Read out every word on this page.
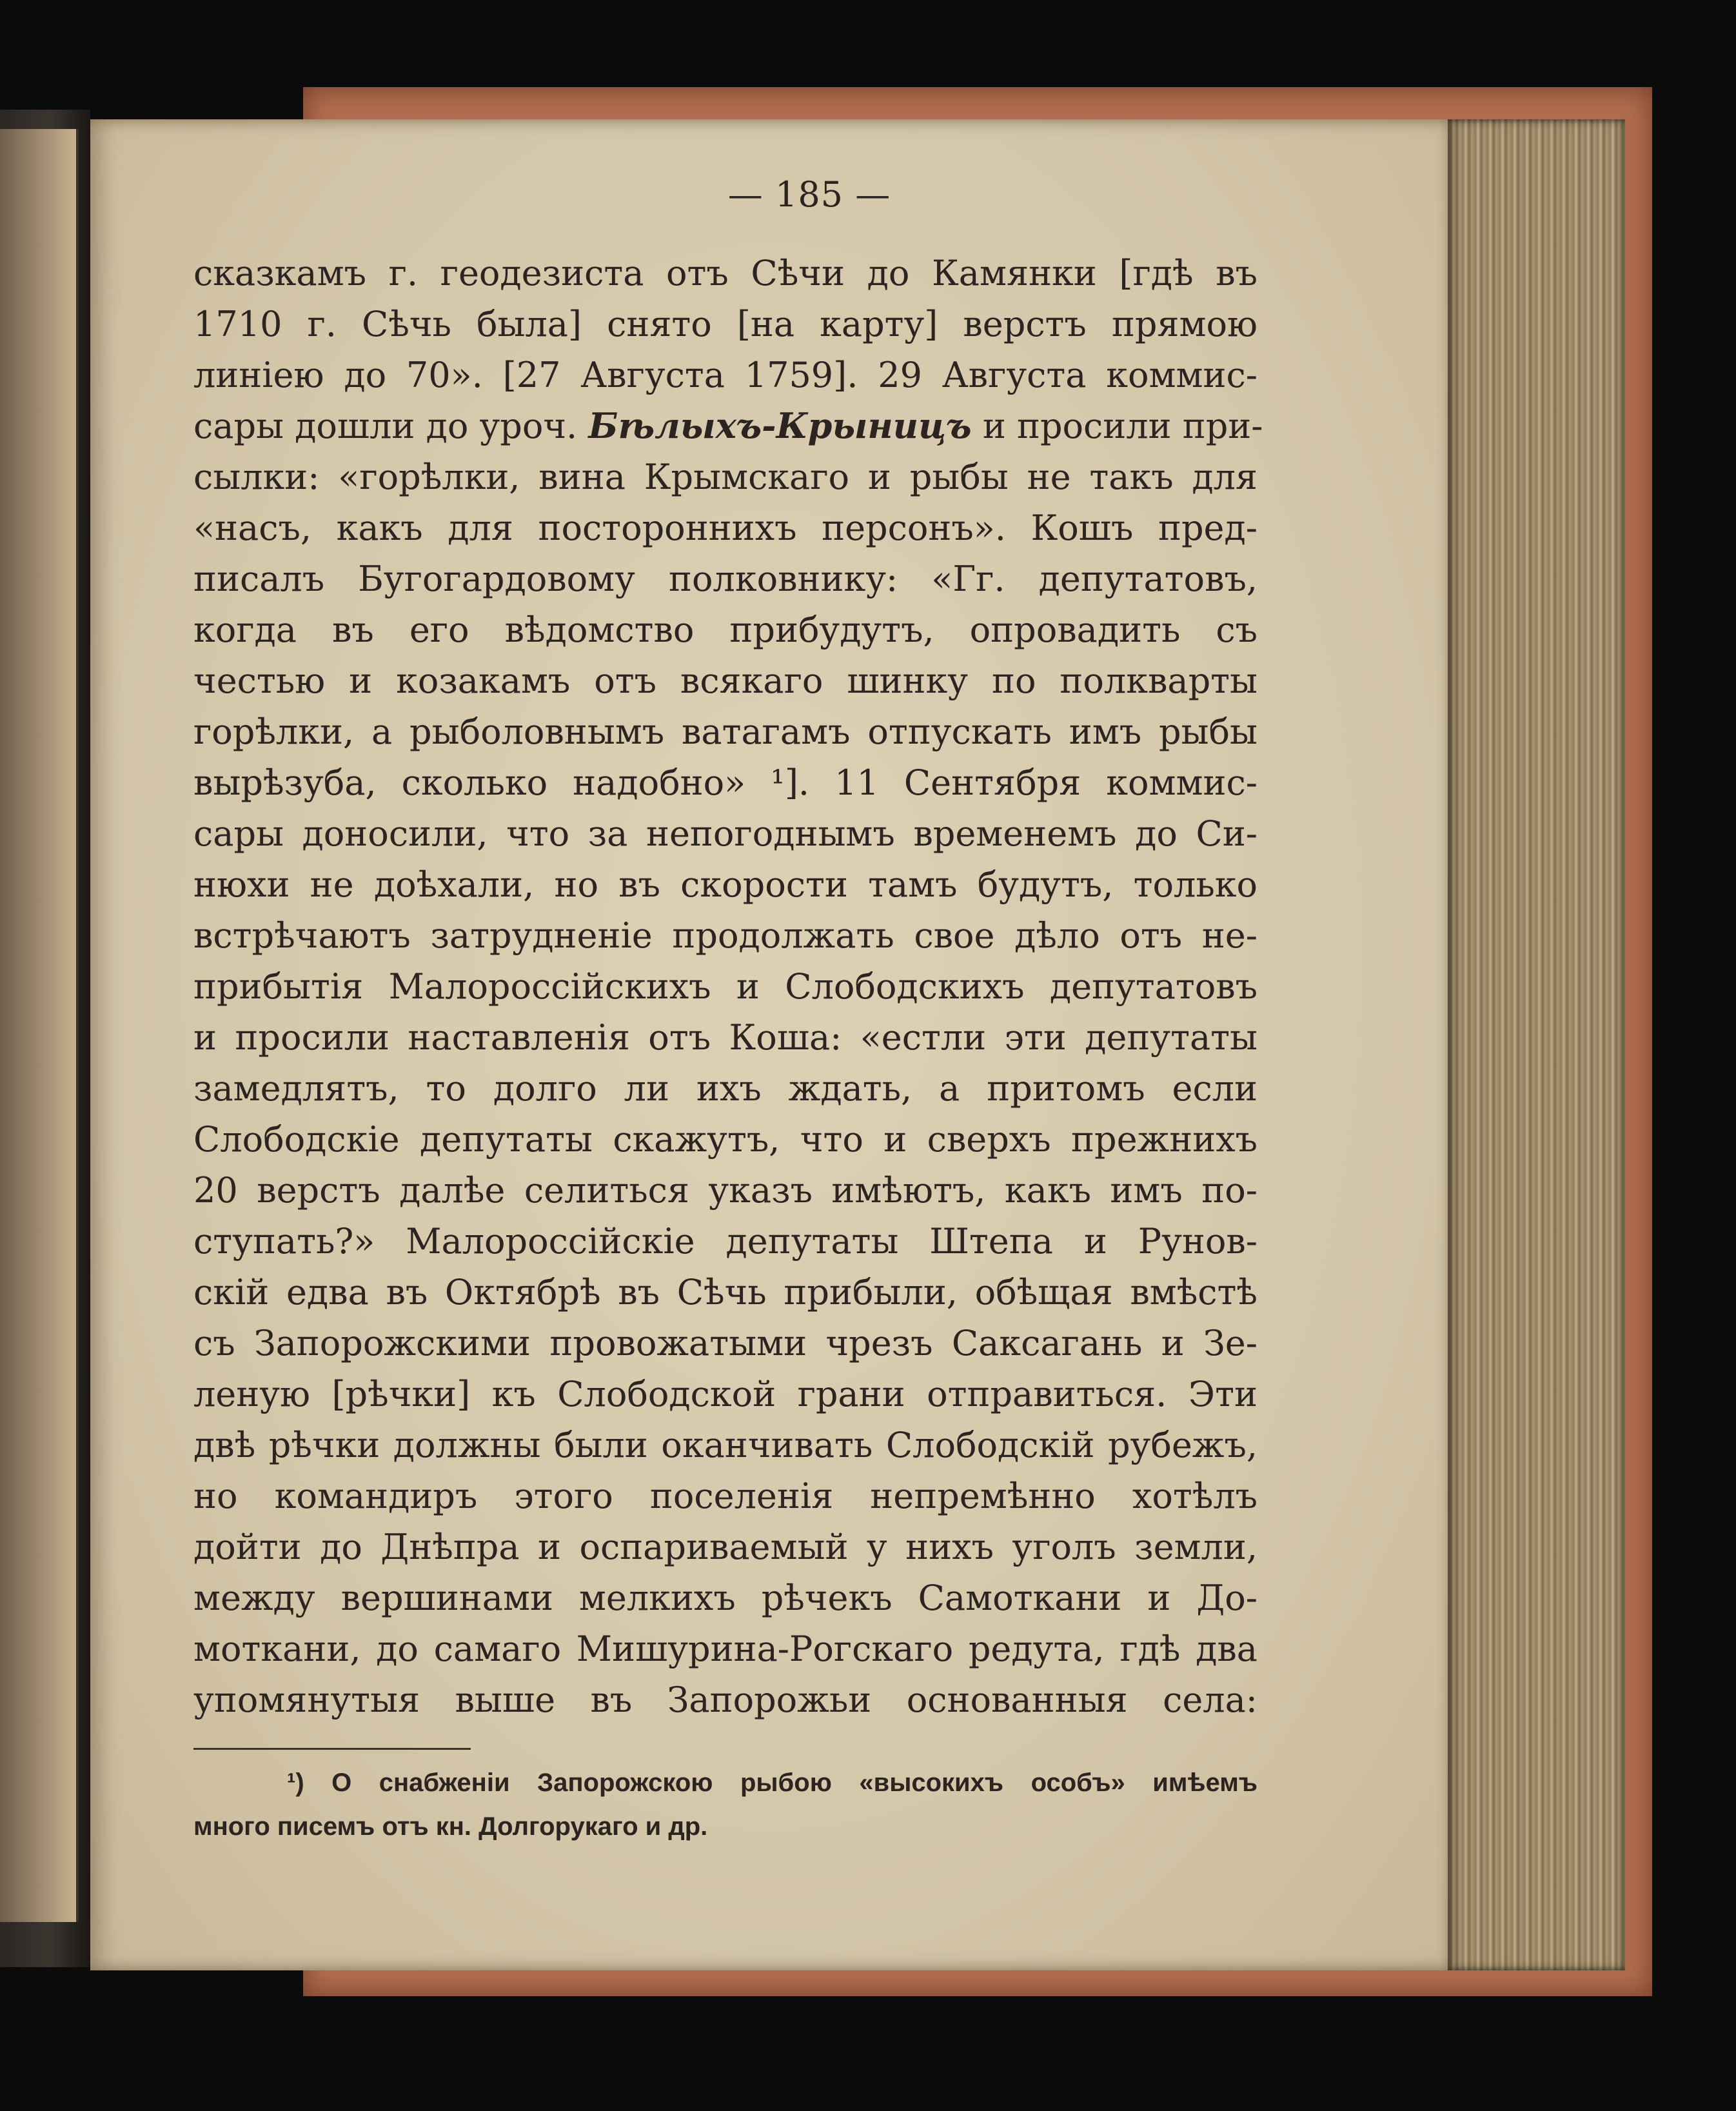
— 185 —
сказкамъ г. геодезиста отъ Сѣчи до Камянки [гдѣ въ
1710 г. Сѣчь была] снято [на карту] верстъ прямою
линiею до 70». [27 Августа 1759]. 29 Августа коммис-
сары дошли до уроч. Бѣлыхъ-Крыницъ и просили при-
сылки: «горѣлки, вина Крымскаго и рыбы не такъ для
«насъ, какъ для постороннихъ персонъ». Кошъ пред-
писалъ Бугогардовому полковнику: «Гг. депутатовъ,
когда въ его вѣдомство прибудутъ, опровадить съ
честью и козакамъ отъ всякаго шинку по полкварты
горѣлки, а рыболовнымъ ватагамъ отпускать имъ рыбы
вырѣзуба, сколько надобно» ¹]. 11 Сентября коммис-
сары доносили, что за непогоднымъ временемъ до Си-
нюхи не доѣхали, но въ скорости тамъ будутъ, только
встрѣчаютъ затрудненiе продолжать свое дѣло отъ не-
прибытiя Малороссiйскихъ и Слободскихъ депутатовъ
и просили наставленiя отъ Коша: «естли эти депутаты
замедлятъ, то долго ли ихъ ждать, а притомъ если
Слободскiе депутаты скажутъ, что и сверхъ прежнихъ
20 верстъ далѣе селиться указъ имѣютъ, какъ имъ по-
ступать?» Малороссiйскiе депутаты Штепа и Рунов-
скiй едва въ Октябрѣ въ Сѣчь прибыли, обѣщая вмѣстѣ
съ Запорожскими провожатыми чрезъ Саксагань и Зе-
леную [рѣчки] къ Слободской грани отправиться. Эти
двѣ рѣчки должны были оканчивать Слободскiй рубежъ,
но командиръ этого поселенiя непремѣнно хотѣлъ
дойти до Днѣпра и оспариваемый у нихъ уголъ земли,
между вершинами мелкихъ рѣчекъ Самоткани и До-
моткани, до самаго Мишурина-Рогскаго редута, гдѣ два
упомянутыя выше въ Запорожьи основанныя села:
¹) О снабженiи Запорожскою рыбою «высокихъ особъ» имѣемъ
много писемъ отъ кн. Долгорукаго и др.
